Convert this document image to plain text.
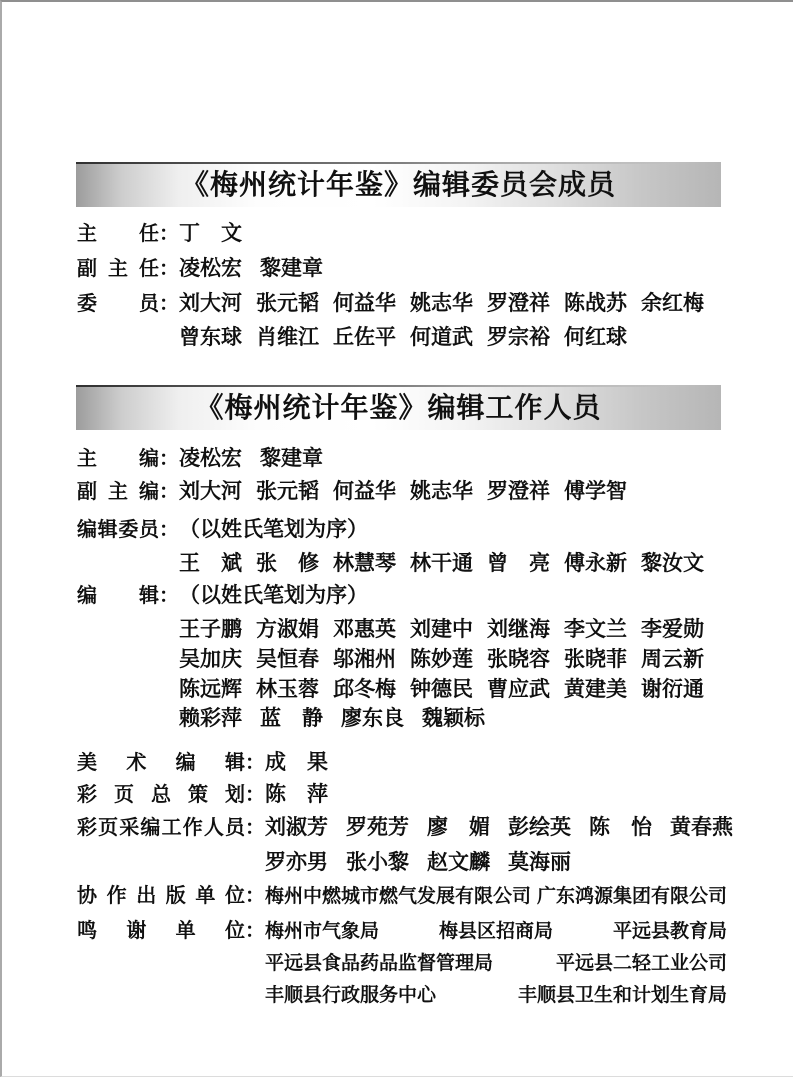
《梅州统计年鉴》编辑委员会成员
主任 ： 丁　文
副主任 ： 凌松宏 黎建章
委员 ： 刘大河 张元韬 何益华 姚志华 罗澄祥 陈战苏 余红梅
曾东球 肖维江 丘佐平 何道武 罗宗裕 何红球
《梅州统计年鉴》编辑工作人员
主编 ： 凌松宏 黎建章
副主编 ： 刘大河 张元韬 何益华 姚志华 罗澄祥 傅学智
编辑委员 ： （以姓氏笔划为序）
王　斌 张　修 林慧琴 林干通 曾　亮 傅永新 黎汝文
编辑 ： （以姓氏笔划为序）
王子鹏 方淑娟 邓惠英 刘建中 刘继海 李文兰 李爱勋
吴加庆 吴恒春 邬湘州 陈妙莲 张晓容 张晓菲 周云新
陈远辉 林玉蓉 邱冬梅 钟德民 曹应武 黄建美 谢衍通
赖彩萍 蓝　静 廖东良 魏颖标
美术编辑 ： 成　果
彩页总策划 ： 陈　萍
彩页采编工作人员 ： 刘淑芳 罗苑芳 廖　媚 彭绘英 陈　怡 黄春燕
罗亦男 张小黎 赵文麟 莫海丽
协作出版单位 ： 梅州中燃城市燃气发展有限公司 广东鸿源集团有限公司
鸣谢单位 ： 梅州市气象局	梅县区招商局	平远县教育局
平远县食品药品监督管理局	平远县二轻工业公司
丰顺县行政服务中心	丰顺县卫生和计划生育局
